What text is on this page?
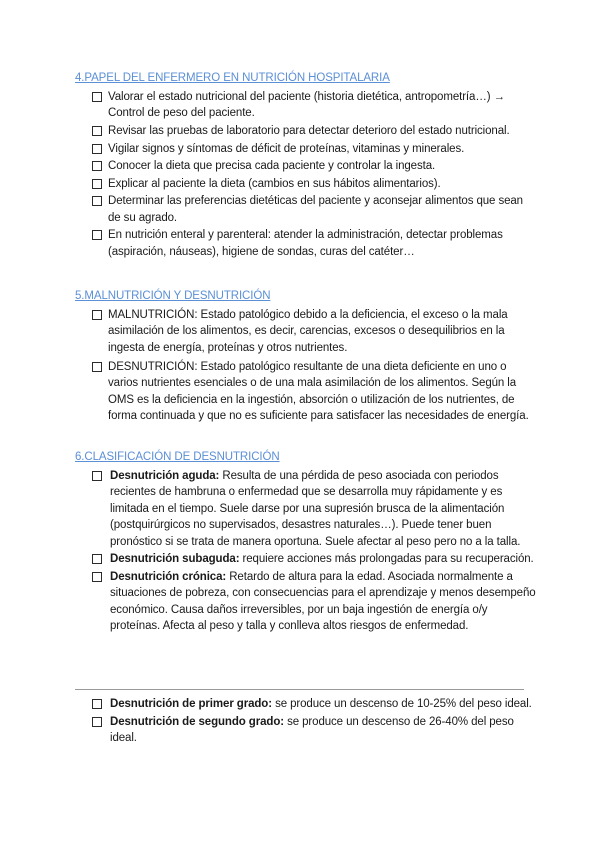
4.PAPEL DEL ENFERMERO EN NUTRICIÓN HOSPITALARIA
Valorar el estado nutricional del paciente (historia dietética, antropometría…) → Control de peso del paciente.
Revisar las pruebas de laboratorio para detectar deterioro del estado nutricional.
Vigilar signos y síntomas de déficit de proteínas, vitaminas y minerales.
Conocer la dieta que precisa cada paciente y controlar la ingesta.
Explicar al paciente la dieta (cambios en sus hábitos alimentarios).
Determinar las preferencias dietéticas del paciente y aconsejar alimentos que sean de su agrado.
En nutrición enteral y parenteral: atender la administración, detectar problemas (aspiración, náuseas), higiene de sondas, curas del catéter…
5.MALNUTRICIÓN Y DESNUTRICIÓN
MALNUTRICIÓN: Estado patológico debido a la deficiencia, el exceso o la mala asimilación de los alimentos, es decir, carencias, excesos o desequilibrios en la ingesta de energía, proteínas y otros nutrientes.
DESNUTRICIÓN: Estado patológico resultante de una dieta deficiente en uno o varios nutrientes esenciales o de una mala asimilación de los alimentos. Según la OMS es la deficiencia en la ingestión, absorción o utilización de los nutrientes, de forma continuada y que no es suficiente para satisfacer las necesidades de energía.
6.CLASIFICACIÓN DE DESNUTRICIÓN
Desnutrición aguda: Resulta de una pérdida de peso asociada con periodos recientes de hambruna o enfermedad que se desarrolla muy rápidamente y es limitada en el tiempo. Suele darse por una supresión brusca de la alimentación (postquirúrgicos no supervisados, desastres naturales…). Puede tener buen pronóstico si se trata de manera oportuna. Suele afectar al peso pero no a la talla.
Desnutrición subaguda: requiere acciones más prolongadas para su recuperación.
Desnutrición crónica: Retardo de altura para la edad. Asociada normalmente a situaciones de pobreza, con consecuencias para el aprendizaje y menos desempeño económico. Causa daños irreversibles, por un baja ingestión de energía o/y proteínas. Afecta al peso y talla y conlleva altos riesgos de enfermedad.
Desnutrición de primer grado: se produce un descenso de 10-25% del peso ideal.
Desnutrición de segundo grado: se produce un descenso de 26-40% del peso ideal.
